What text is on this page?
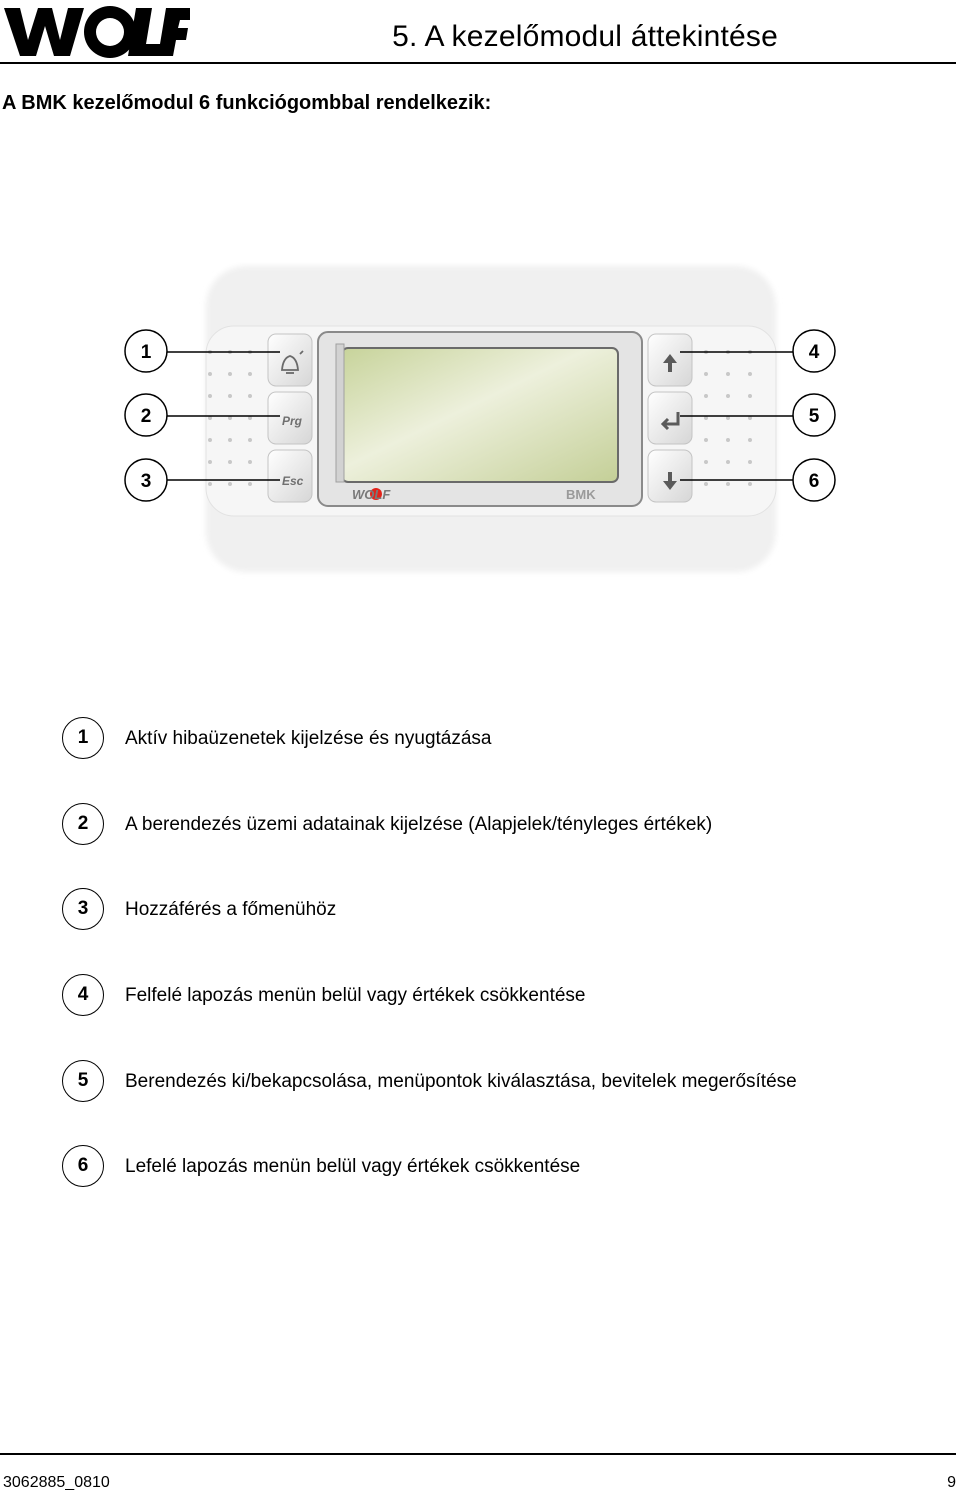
5. A kezelőmodul áttekintése
A BMK kezelőmodul 6 funkciógombbal rendelkezik:
WOLF	BMK
Prg
Esc
1
2
3
4
5
6
1	Aktív hibaüzenetek kijelzése és nyugtázása
2	A berendezés üzemi adatainak kijelzése (Alapjelek/tényleges értékek)
3	Hozzáférés a főmenühöz
4	Felfelé lapozás menün belül vagy értékek csökkentése
5	Berendezés ki/bekapcsolása, menüpontok kiválasztása, bevitelek megerősítése
6	Lefelé lapozás menün belül vagy értékek csökkentése
3062885_0810	9
